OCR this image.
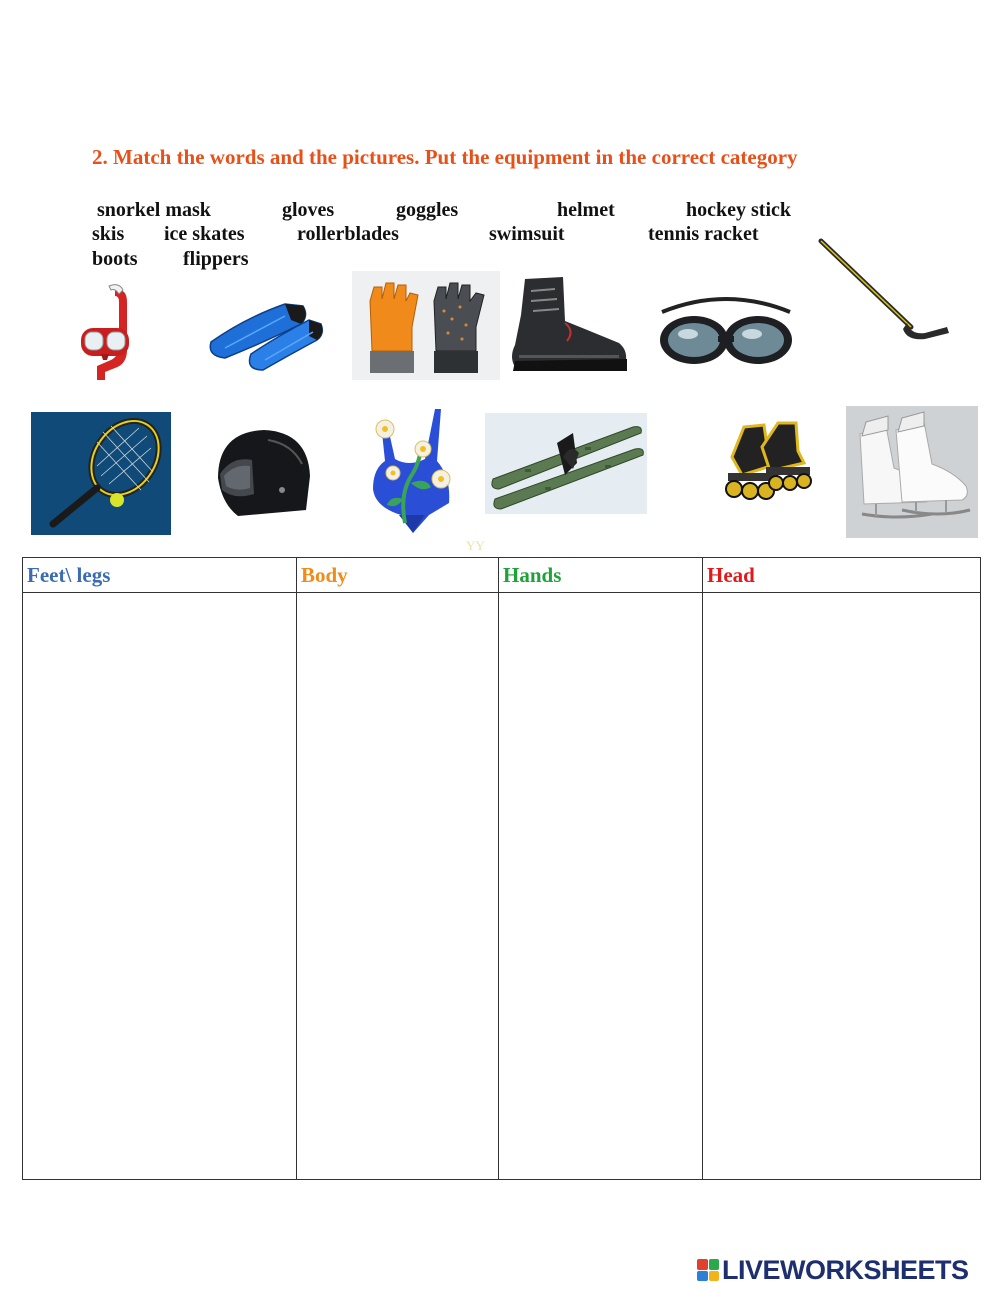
2. Match the words and the pictures. Put the equipment in the correct category
snorkel mask	gloves	goggles	helmet	hockey stick
skis ice skates	rollerblades	swimsuit	tennis racket
boots flippers
YY
Feet\ legs	Body	Hands	Head

LIVEWORKSHEETS
